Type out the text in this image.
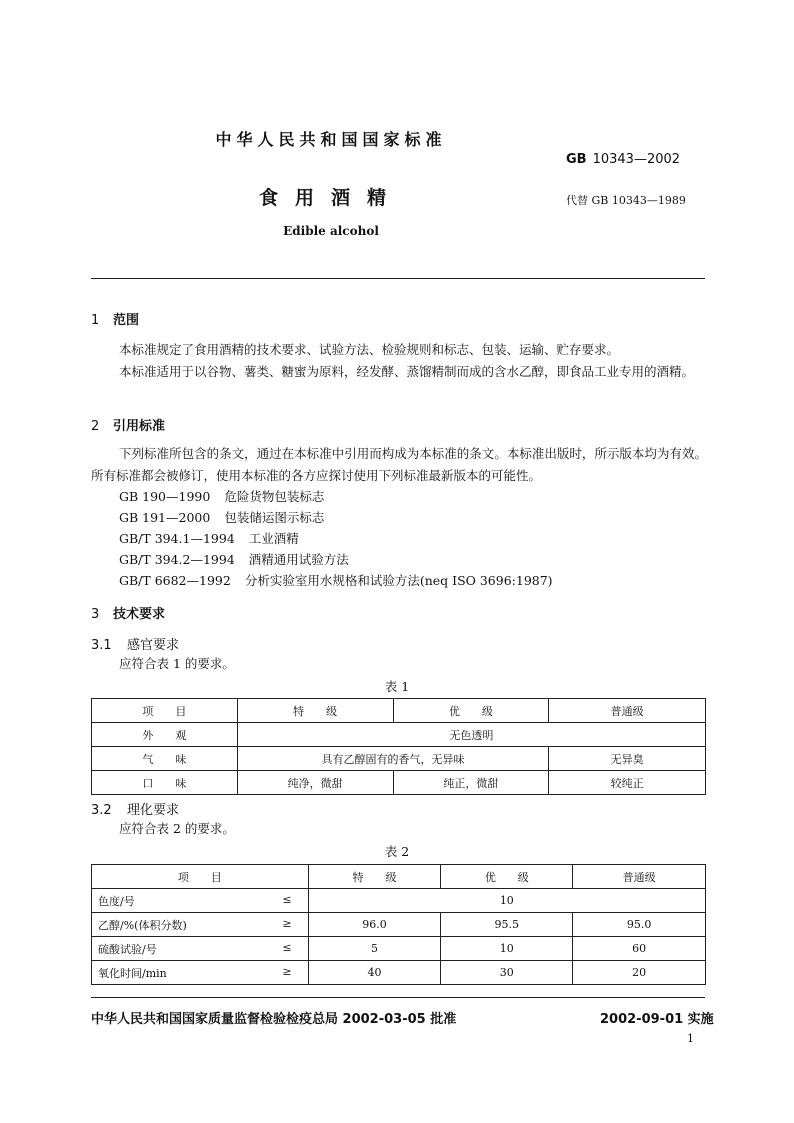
中华人民共和国国家标准
GB 10343—2002
食用酒精	代替 GB 10343—1989
Edible alcohol
1 范围
本标准规定了食用酒精的技术要求、试验方法、检验规则和标志、包装、运输、贮存要求。
本标准适用于以谷物、薯类、糖蜜为原料，经发酵、蒸馏精制而成的含水乙醇，即食品工业专用的酒精。
2 引用标准
下列标准所包含的条文，通过在本标准中引用而构成为本标准的条文。本标准出版时，所示版本均为有效。所有标准都会被修订，使用本标准的各方应探讨使用下列标准最新版本的可能性。
GB 190—1990 危险货物包装标志
GB 191—2000 包装储运图示标志
GB/T 394.1—1994 工业酒精
GB/T 394.2—1994 酒精通用试验方法
GB/T 6682—1992 分析实验室用水规格和试验方法(neq ISO 3696:1987)
3 技术要求
3.1 感官要求
应符合表 1 的要求。
表 1
项　　目	特　　级	优　　级	普通级
外　　观	无色透明		
气　　味	具有乙醇固有的香气，无异味		无异臭
口　　味	纯净，微甜	纯正，微甜	较纯正
3.2 理化要求
应符合表 2 的要求。
表 2
项　　目	特　　级	优　　级	普通级
色度/号 ≤	10		
乙醇/%(体积分数) ≥	96.0	95.5	95.0
硫酸试验/号 ≤	5	10	60
氧化时间/min ≥	40	30	20
中华人民共和国国家质量监督检验检疫总局 2002-03-05 批准	2002-09-01 实施
1
